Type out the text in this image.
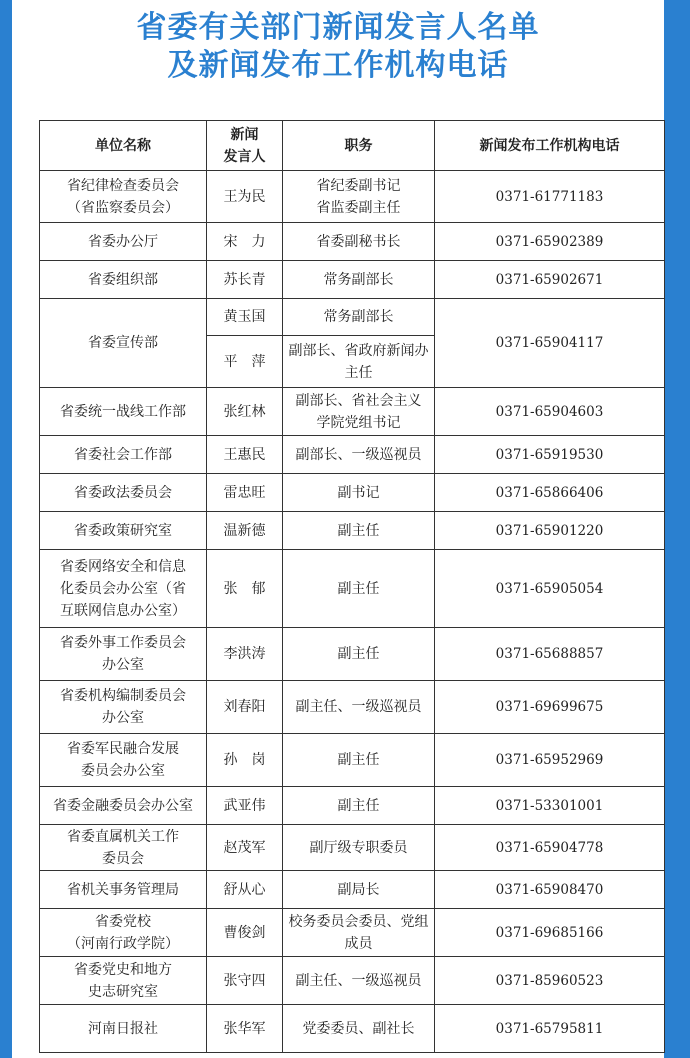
省委有关部门新闻发言人名单
及新闻发布工作机构电话
单位名称	新闻
发言人	职务	新闻发布工作机构电话
省纪律检查委员会
（省监察委员会）	王为民	省纪委副书记
省监委副主任	0371-61771183
省委办公厅	宋　力	省委副秘书长	0371-65902389
省委组织部	苏长青	常务副部长	0371-65902671
省委宣传部	黄玉国	常务副部长	0371-65904117
	平　萍	副部长、省政府新闻办
主任	
省委统一战线工作部	张红林	副部长、省社会主义
学院党组书记	0371-65904603
省委社会工作部	王惠民	副部长、一级巡视员	0371-65919530
省委政法委员会	雷忠旺	副书记	0371-65866406
省委政策研究室	温新德	副主任	0371-65901220
省委网络安全和信息
化委员会办公室（省
互联网信息办公室）	张　郁	副主任	0371-65905054
省委外事工作委员会
办公室	李洪涛	副主任	0371-65688857
省委机构编制委员会
办公室	刘春阳	副主任、一级巡视员	0371-69699675
省委军民融合发展
委员会办公室	孙　岗	副主任	0371-65952969
省委金融委员会办公室	武亚伟	副主任	0371-53301001
省委直属机关工作
委员会	赵茂军	副厅级专职委员	0371-65904778
省机关事务管理局	舒从心	副局长	0371-65908470
省委党校
（河南行政学院）	曹俊剑	校务委员会委员、党组
成员	0371-69685166
省委党史和地方
史志研究室	张守四	副主任、一级巡视员	0371-85960523
河南日报社	张华军	党委委员、副社长	0371-65795811
